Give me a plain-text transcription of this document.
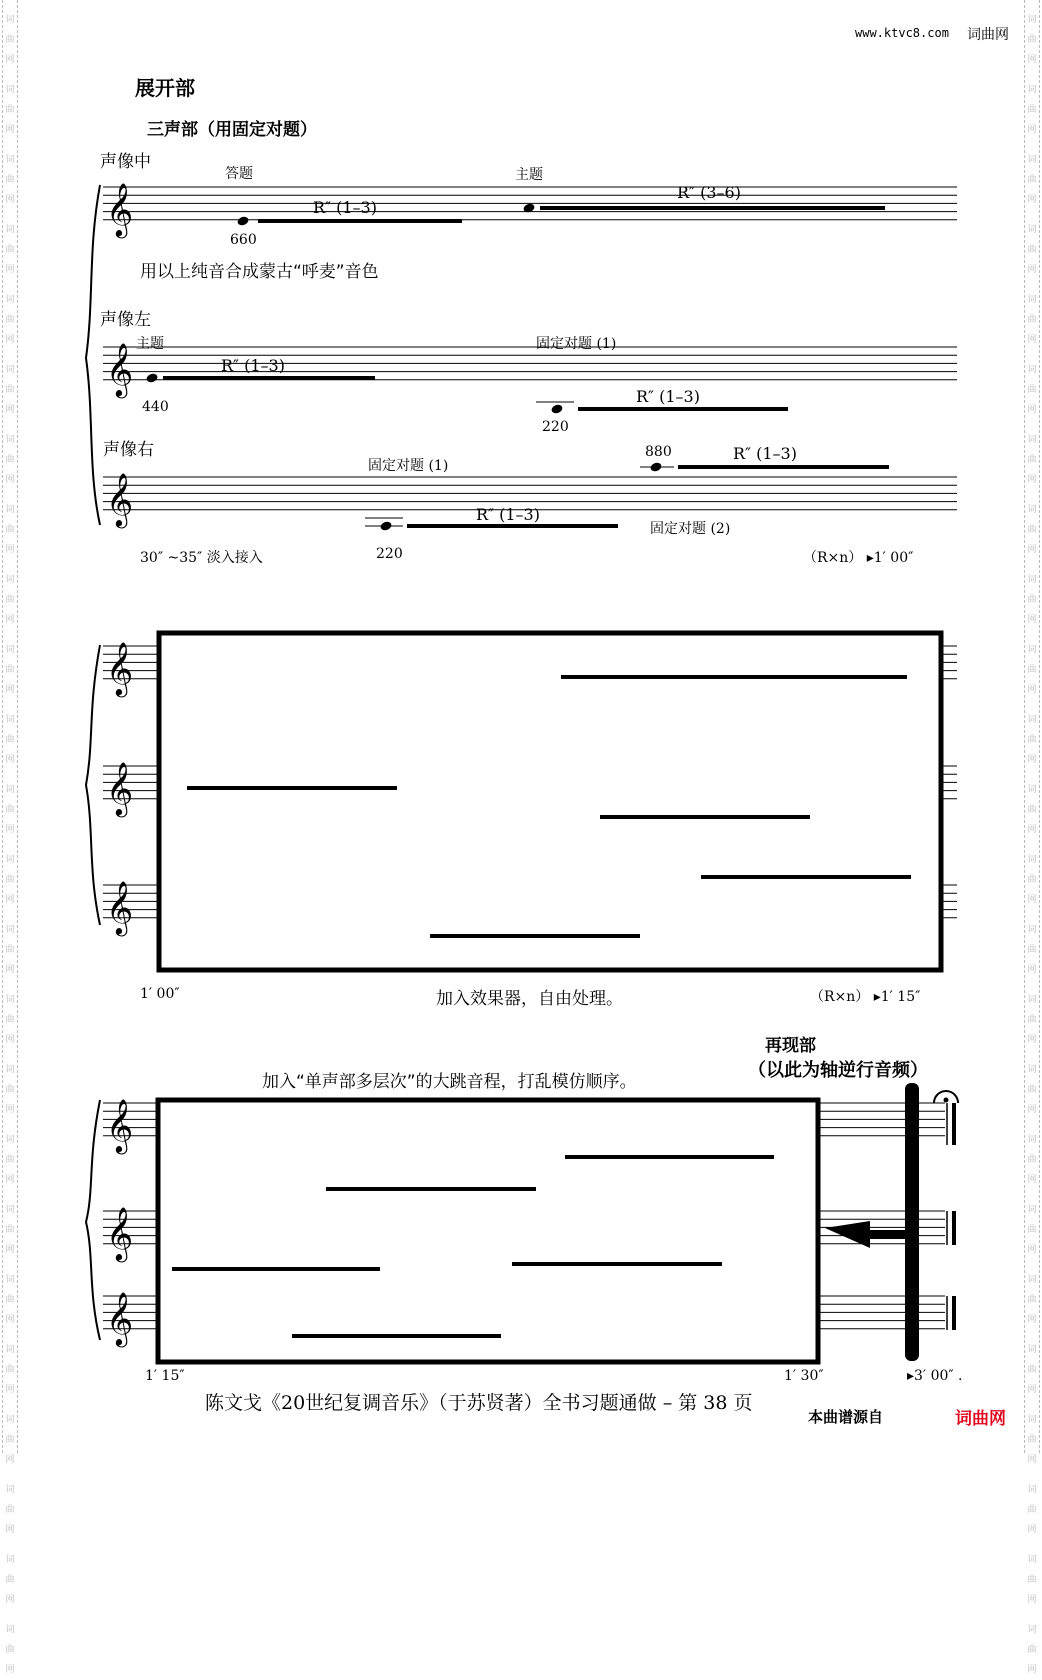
词
曲
网
词
曲
网
词
曲
网
词
曲
网
词
曲
网
词
曲
网
词
曲
网
词
曲
网
词
曲
网
词
曲
网
词
曲
网
词
曲
网
词
曲
网
词
曲
网
词
曲
网
词
曲
网
词
曲
网
词
曲
网
词
曲
网
词
曲
网
词
曲
网
词
曲
网
词
曲
网
词
曲
网
词
曲
网
词
曲
网
词
曲
网
词
曲
网
词
曲
网
词
曲
网
词
曲
网
词
曲
网
词
曲
网
词
曲
网
词
曲
网
词
曲
网
词
曲
网
词
曲
网
词
曲
网
词
曲
网
词
曲
网
词
曲
网
词
曲
网
词
曲
网
词
曲
网
词
曲
网
词
曲
网
词
曲
网
www.ktvc8.com 词曲网
展开部
三声部（用固定对题）
𝄞
𝄞
𝄞
𝄞
𝄞
𝄞
𝄞
𝄞
𝄞
声像中
声像左
声像右
答题	主题
主题	固定对题 (1)
固定对题 (1)
固定对题 (2)
R″ (1–3)
R″ (3–6)
R″ (1–3)
R″ (1–3)
R″ (1–3)
R″ (1–3)
660
440
220
880
220
用以上纯音合成蒙古“呼麦”音色
30″ ~35″ 淡入接入	（R×n） ▸1′ 00″
1′ 00″	加入效果器，自由处理。	（R×n） ▸1′ 15″
再现部
（以此为轴逆行音频）
加入“单声部多层次”的大跳音程，打乱模仿顺序。
1′ 15″	1′ 30″	▸3′ 00″ .
陈文戈《20世纪复调音乐》（于苏贤著）全书习题通做 – 第 38 页
本曲谱源自	词曲网
